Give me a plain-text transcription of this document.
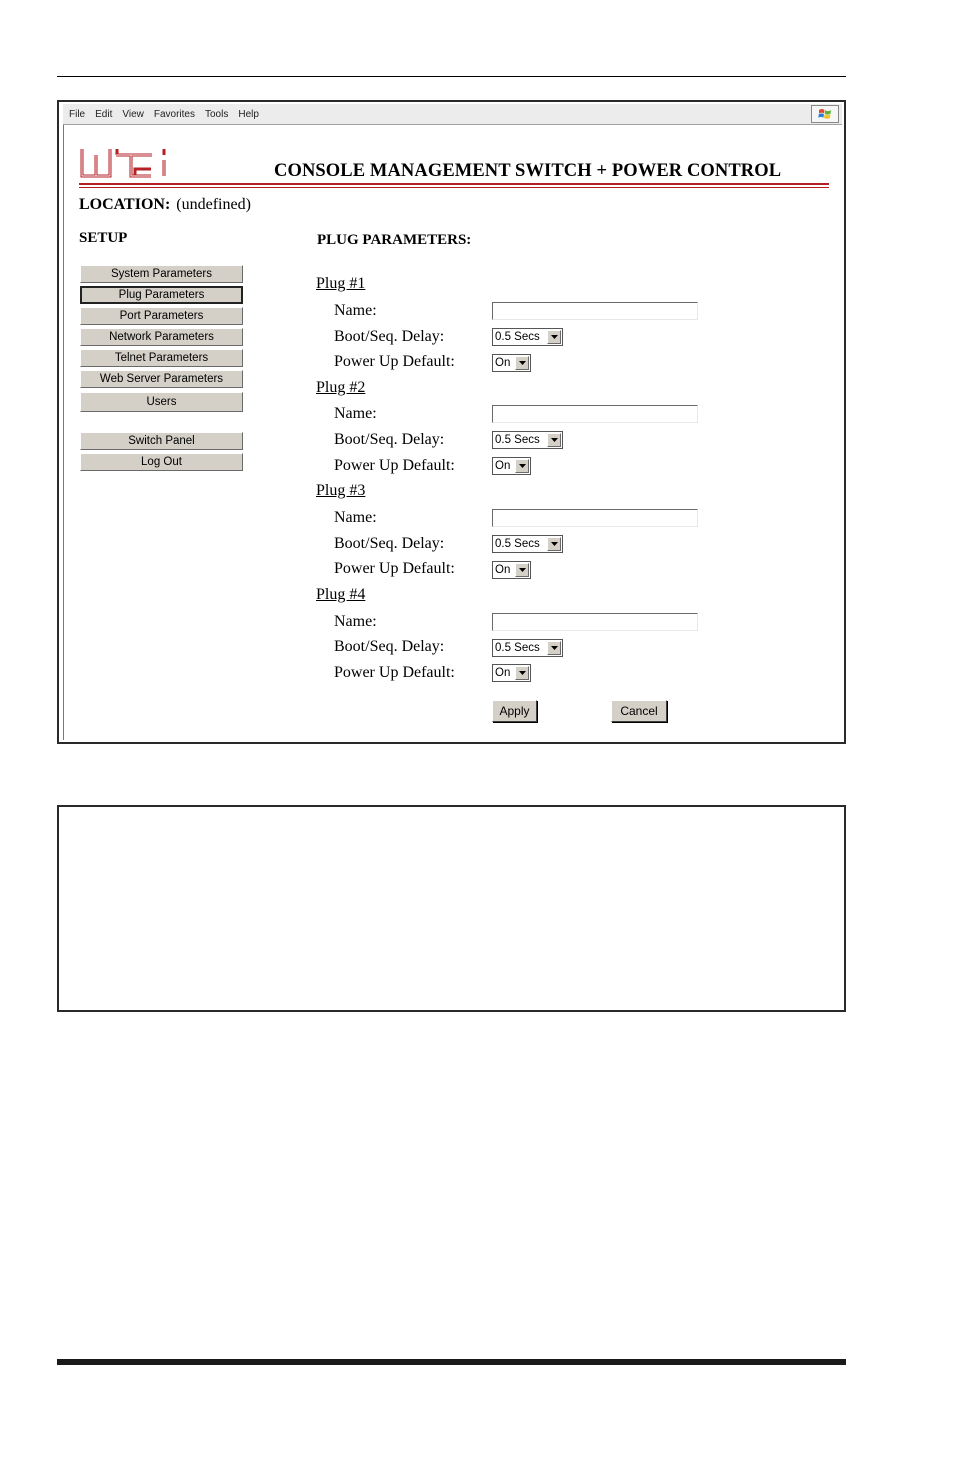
File Edit View Favorites Tools Help
CONSOLE MANAGEMENT SWITCH + POWER CONTROL
LOCATION: (undefined)
SETUP
System Parameters
Plug Parameters
Port Parameters
Network Parameters
Telnet Parameters
Web Server Parameters
Users
Switch Panel
Log Out
PLUG PARAMETERS:
Plug #1
Name:
Boot/Seq. Delay:	0.5 Secs
Power Up Default:	On
Plug #2
Name:
Boot/Seq. Delay:	0.5 Secs
Power Up Default:	On
Plug #3
Name:
Boot/Seq. Delay:	0.5 Secs
Power Up Default:	On
Plug #4
Name:
Boot/Seq. Delay:	0.5 Secs
Power Up Default:	On
Apply	Cancel
